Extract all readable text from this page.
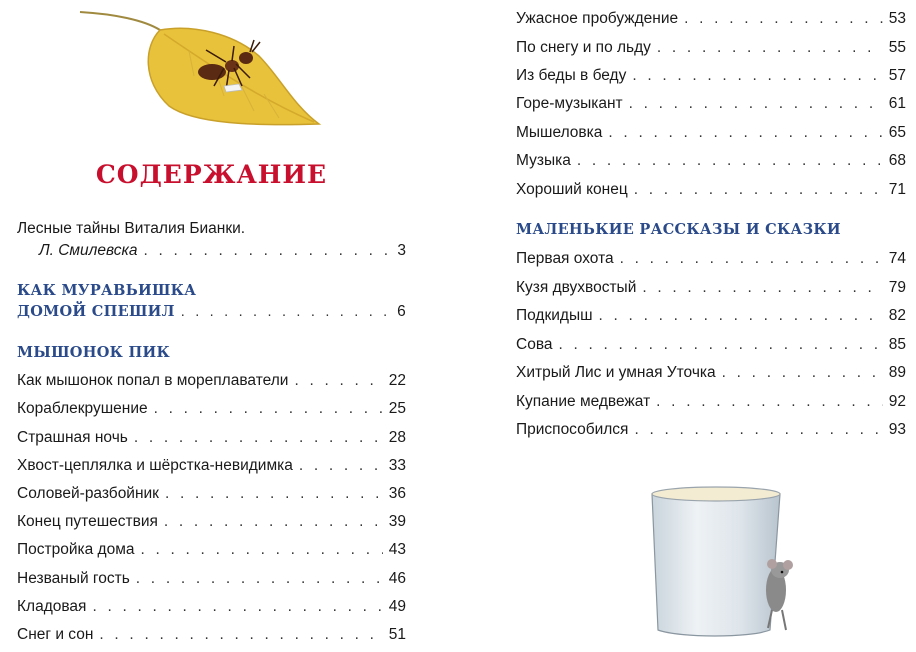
СОДЕРЖАНИЕ
Лесные тайны Виталия Бианки.
Л. Смилевска . . .	3
КАК МУРАВЬИШКА
ДОМОЙ СПЕШИЛ . . .	6
МЫШОНОК ПИК
Как мышонок попал в мореплаватели . . .	22
Кораблекрушение . . .	25
Страшная ночь . . .	28
Хвост-цеплялка и шёрстка-невидимка . . .	33
Соловей-разбойник . . .	36
Конец путешествия . . .	39
Постройка дома . . .	43
Незваный гость . . .	46
Кладовая . . .	49
Снег и сон . . .	51
Ужасное пробуждение . . .	53
По снегу и по льду . . .	55
Из беды в беду . . .	57
Горе-музыкант . . .	61
Мышеловка . . .	65
Музыка . . .	68
Хороший конец . . .	71
МАЛЕНЬКИЕ РАССКАЗЫ И СКАЗКИ
Первая охота . . .	74
Кузя двухвостый . . .	79
Подкидыш . . .	82
Сова . . .	85
Хитрый Лис и умная Уточка . . .	89
Купание медвежат . . .	92
Приспособился . . .	93
